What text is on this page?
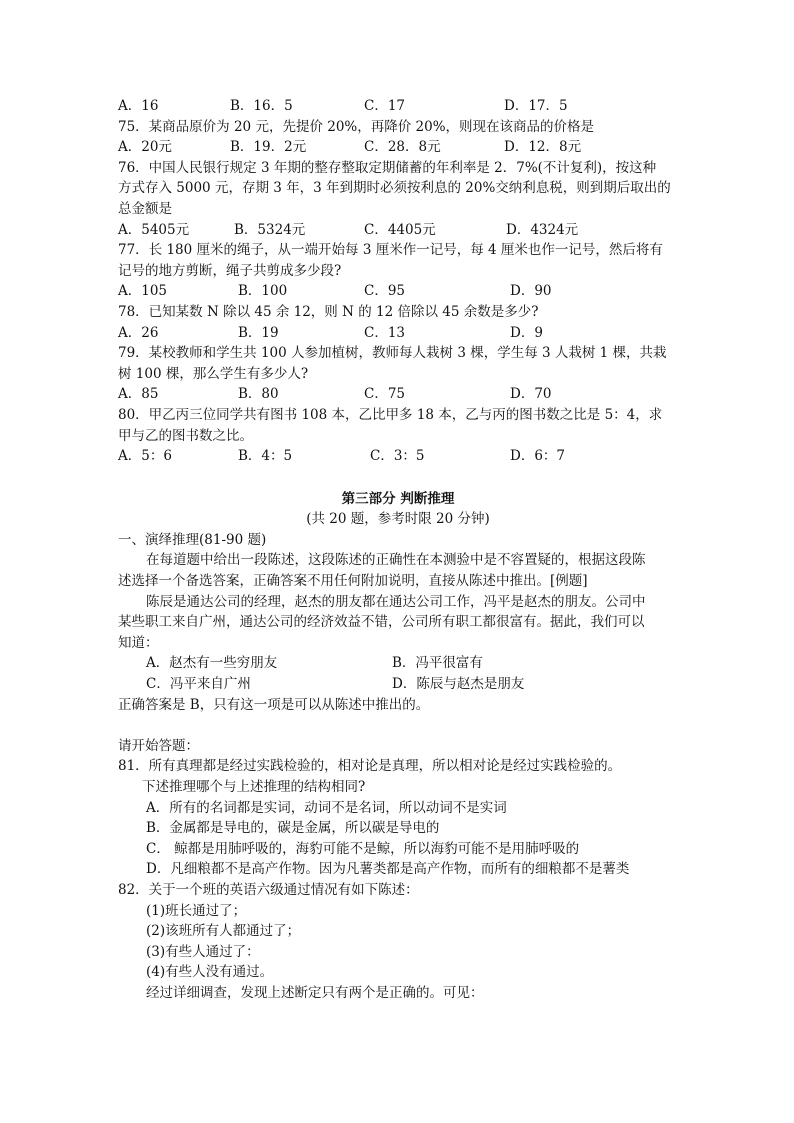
A．16	B．16．5	C．17	D．17．5
75．某商品原价为 20 元，先提价 20%，再降价 20%，则现在该商品的价格是
A．20元	B．19．2元	C．28．8元	D．12．8元
76．中国人民银行规定 3 年期的整存整取定期储蓄的年利率是 2．7%(不计复利)，按这种
方式存入 5000 元，存期 3 年，3 年到期时必须按利息的 20%交纳利息税，则到期后取出的
总金额是
A．5405元	B．5324元	C．4405元	D．4324元
77．长 180 厘米的绳子，从一端开始每 3 厘米作一记号，每 4 厘米也作一记号，然后将有
记号的地方剪断，绳子共剪成多少段?
A．105	B．100	C．95	D．90
78．已知某数 N 除以 45 余 12，则 N 的 12 倍除以 45 余数是多少?
A．26	B．19	C．13	D．9
79．某校教师和学生共 100 人参加植树，教师每人栽树 3 棵，学生每 3 人栽树 1 棵，共栽
树 100 棵，那么学生有多少人?
A．85	B．80	C．75	D．70
80．甲乙丙三位同学共有图书 108 本，乙比甲多 18 本，乙与丙的图书数之比是 5：4，求
甲与乙的图书数之比。
A．5：6	B．4：5	C．3：5	D．6：7
第三部分 判断推理
(共 20 题，参考时限 20 分钟)
一、演绎推理(81-90 题)
在每道题中给出一段陈述，这段陈述的正确性在本测验中是不容置疑的，根据这段陈
述选择一个备选答案，正确答案不用任何附加说明，直接从陈述中推出。[例题]
陈辰是通达公司的经理，赵杰的朋友都在通达公司工作，冯平是赵杰的朋友。公司中
某些职工来自广州，通达公司的经济效益不错，公司所有职工都很富有。据此，我们可以
知道：
A．赵杰有一些穷朋友	B．冯平很富有
C．冯平来自广州	D．陈辰与赵杰是朋友
正确答案是 B，只有这一项是可以从陈述中推出的。
请开始答题：
81．所有真理都是经过实践检验的，相对论是真理，所以相对论是经过实践检验的。
下述推理哪个与上述推理的结构相同?
A．所有的名词都是实词，动词不是名词，所以动词不是实词
B．金属都是导电的，碳是金属，所以碳是导电的
C． 鲸都是用肺呼吸的，海豹可能不是鲸，所以海豹可能不是用肺呼吸的
D．凡细粮都不是高产作物。因为凡薯类都是高产作物，而所有的细粮都不是薯类
82．关于一个班的英语六级通过情况有如下陈述：
(1)班长通过了；
(2)该班所有人都通过了；
(3)有些人通过了：
(4)有些人没有通过。
经过详细调查，发现上述断定只有两个是正确的。可见：
